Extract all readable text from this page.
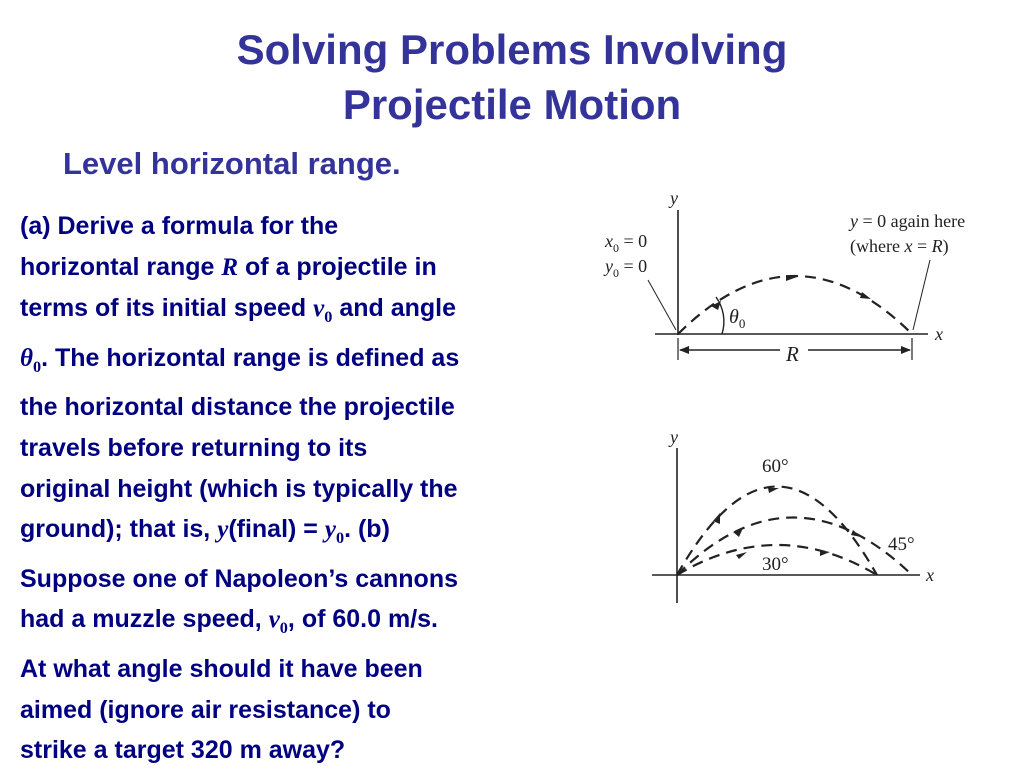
Solving Problems Involving
Projectile Motion
Level horizontal range.
(a) Derive a formula for the
horizontal range R of a projectile in
terms of its initial speed $v_0$ and angle
$\theta_0$. The horizontal range is defined as
the horizontal distance the projectile
travels before returning to its
original height (which is typically the
ground); that is, y(final) = $y_0$. (b)
Suppose one of Napoleon’s cannons
had a muzzle speed, $v_0$, of 60.0 m/s.
At what angle should it have been
aimed (ignore air resistance) to
strike a target 320 m away?
y
x
$\theta_0$
$x_0 = 0$
$y_0 = 0$
y = 0 again here
(where x = R)
R
y
x
60°
45°
30°
